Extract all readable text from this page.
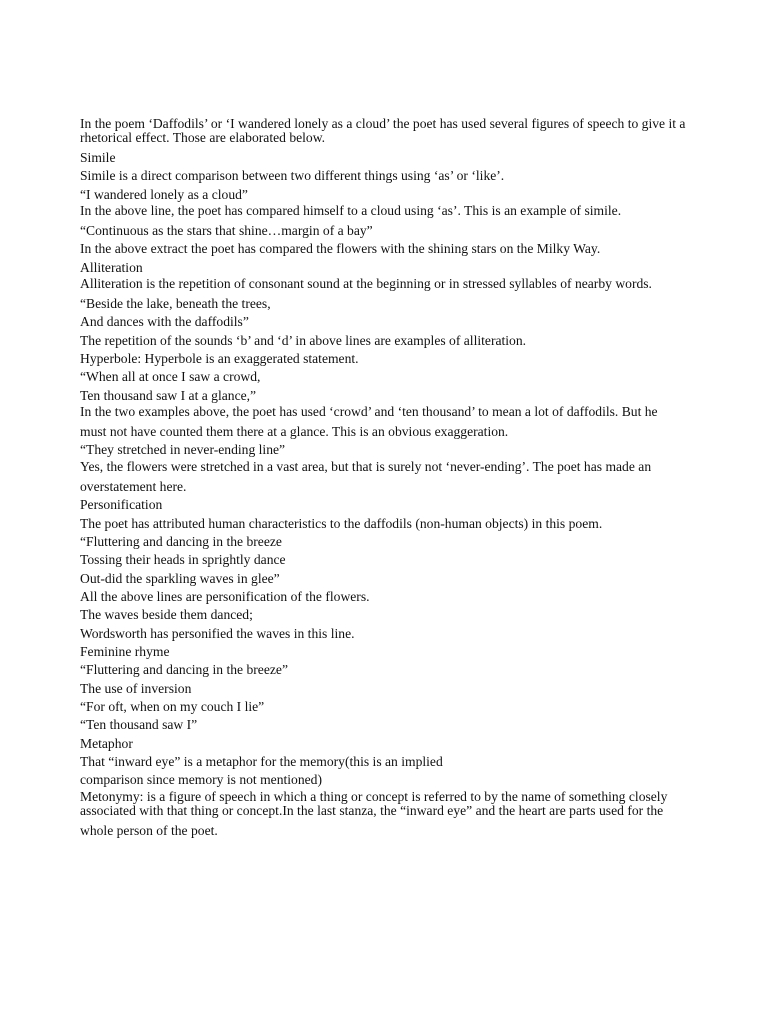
In the poem ‘Daffodils’ or ‘I wandered lonely as a cloud’ the poet has used several figures of speech to give it a rhetorical effect. Those are elaborated below.

Simile

Simile is a direct comparison between two different things using ‘as’ or ‘like’.

“I wandered lonely as a cloud”

In the above line, the poet has compared himself to a cloud using ‘as’. This is an example of simile.

“Continuous as the stars that shine…margin of a bay”

In the above extract the poet has compared the flowers with the shining stars on the Milky Way.

Alliteration

Alliteration is the repetition of consonant sound at the beginning or in stressed syllables of nearby words.

“Beside the lake, beneath the trees,

And dances with the daffodils”

The repetition of the sounds ‘b’ and ‘d’ in above lines are examples of alliteration.

Hyperbole: Hyperbole is an exaggerated statement.

“When all at once I saw a crowd,

Ten thousand saw I at a glance,”

In the two examples above, the poet has used ‘crowd’ and ‘ten thousand’ to mean a lot of daffodils. But he

must not have counted them there at a glance. This is an obvious exaggeration.

“They stretched in never-ending line”

Yes, the flowers were stretched in a vast area, but that is surely not ‘never-ending’. The poet has made an

overstatement here.

Personification

The poet has attributed human characteristics to the daffodils (non-human objects) in this poem.

“Fluttering and dancing in the breeze

Tossing their heads in sprightly dance

Out-did the sparkling waves in glee”

All the above lines are personification of the flowers.

The waves beside them danced;

Wordsworth has personified the waves in this line.

Feminine rhyme

“Fluttering and dancing in the breeze”

The use of inversion

“For oft, when on my couch I lie”

“Ten thousand saw I”

Metaphor

That “inward eye” is a metaphor for the memory(this is an implied

comparison since memory is not mentioned)

Metonymy: is a figure of speech in which a thing or concept is referred to by the name of something closely associated with that thing or concept.In the last stanza, the “inward eye” and the heart are parts used for the

whole person of the poet.
